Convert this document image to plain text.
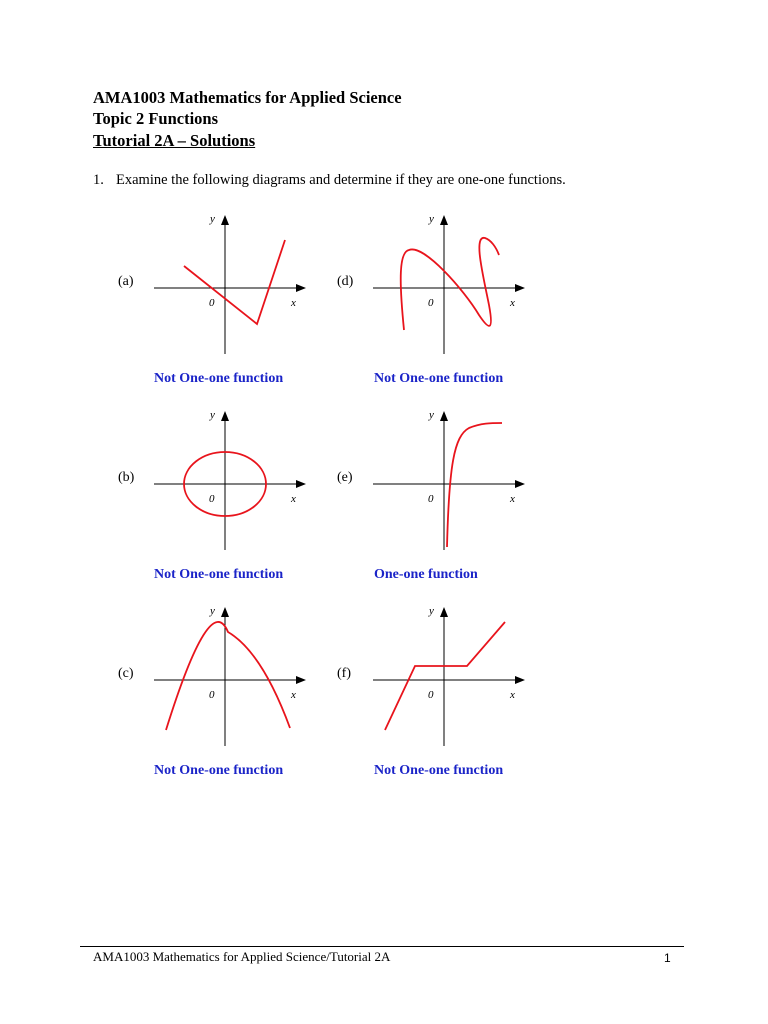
AMA1003 Mathematics for Applied Science

Topic 2 Functions

Tutorial 2A – Solutions

1. Examine the following diagrams and determine if they are one-one functions.
(a)
y
x
0
Not One-one function
(b)
y
x
0
Not One-one function
(c)
y
x
0
Not One-one function
(d)
y
x
0
Not One-one function
(e)
y
x
0
One-one function
(f)
y
x
0
Not One-one function
AMA1003 Mathematics for Applied Science/Tutorial 2A	1
